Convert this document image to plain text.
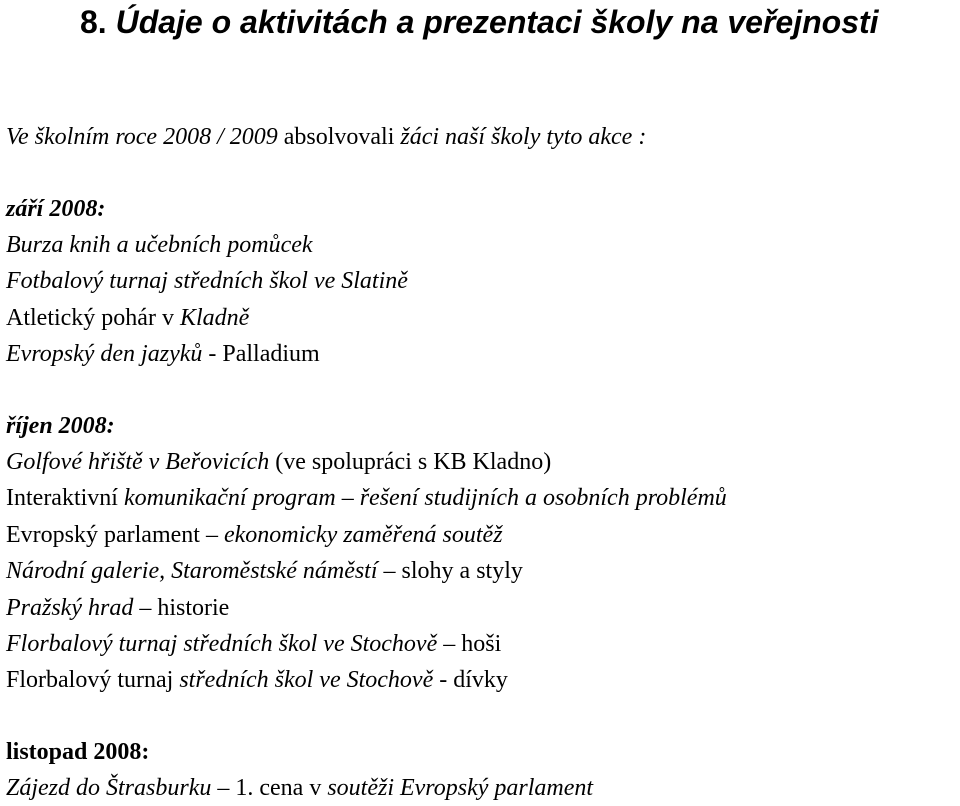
8. Údaje o aktivitách a prezentaci školy na veřejnosti
Ve školním roce 2008 / 2009 absolvovali žáci naší školy tyto akce :
září 2008:
Burza knih a učebních pomůcek
Fotbalový turnaj středních škol ve Slatině
Atletický pohár v Kladně
Evropský den jazyků - Palladium
říjen 2008:
Golfové hřiště v Beřovicích (ve spolupráci s KB Kladno)
Interaktivní komunikační program – řešení studijních a osobních problémů
Evropský parlament – ekonomicky zaměřená soutěž
Národní galerie, Staroměstské náměstí – slohy a styly
Pražský hrad – historie
Florbalový turnaj středních škol ve Stochově – hoši
Florbalový turnaj středních škol ve Stochově - dívky
listopad 2008:
Zájezd do Štrasburku – 1. cena v soutěži Evropský parlament
